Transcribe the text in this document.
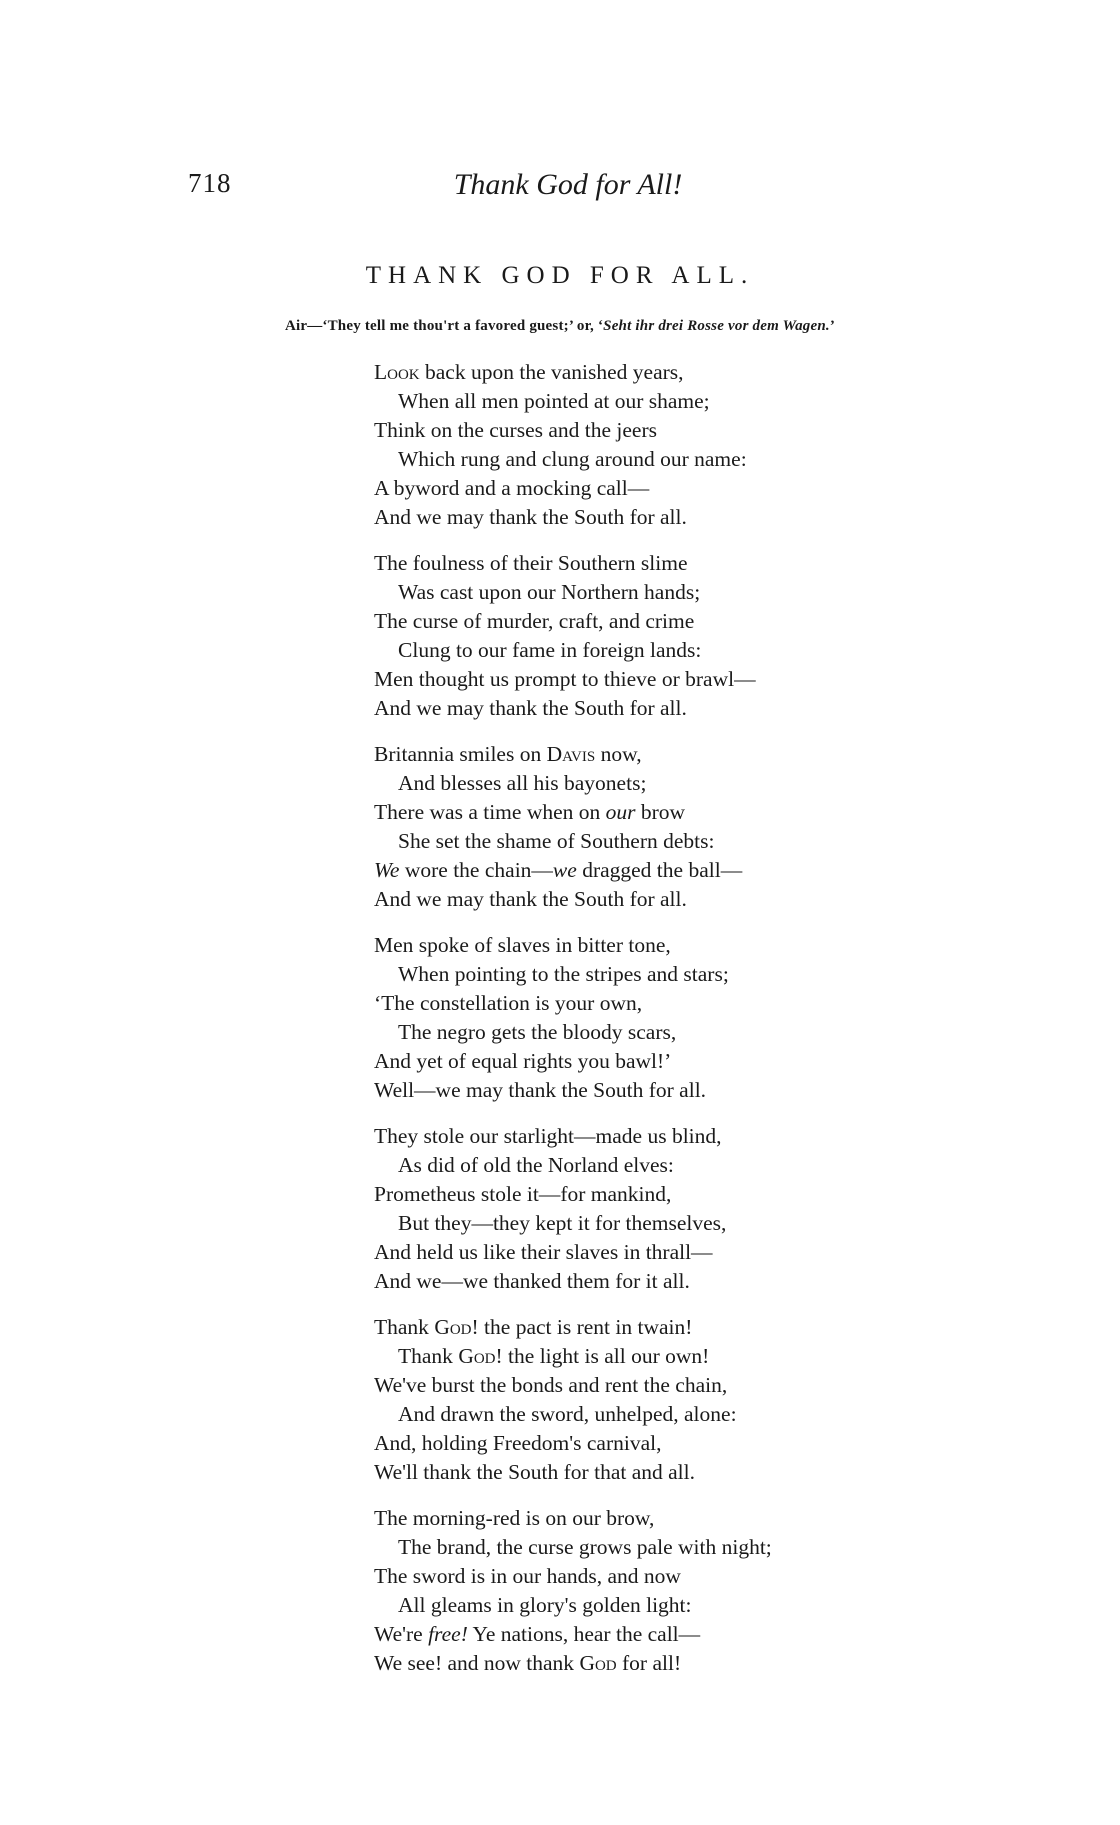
718	Thank God for All!
THANK GOD FOR ALL.
Air—‘They tell me thou'rt a favored guest;’ or, ‘Seht ihr drei Rosse vor dem Wagen.’
Look back upon the vanished years,
When all men pointed at our shame;
Think on the curses and the jeers
Which rung and clung around our name:
A byword and a mocking call—
And we may thank the South for all.
The foulness of their Southern slime
Was cast upon our Northern hands;
The curse of murder, craft, and crime
Clung to our fame in foreign lands:
Men thought us prompt to thieve or brawl—
And we may thank the South for all.
Britannia smiles on Davis now,
And blesses all his bayonets;
There was a time when on our brow
She set the shame of Southern debts:
We wore the chain—we dragged the ball—
And we may thank the South for all.
Men spoke of slaves in bitter tone,
When pointing to the stripes and stars;
‘The constellation is your own,
The negro gets the bloody scars,
And yet of equal rights you bawl!’
Well—we may thank the South for all.
They stole our starlight—made us blind,
As did of old the Norland elves:
Prometheus stole it—for mankind,
But they—they kept it for themselves,
And held us like their slaves in thrall—
And we—we thanked them for it all.
Thank God! the pact is rent in twain!
Thank God! the light is all our own!
We've burst the bonds and rent the chain,
And drawn the sword, unhelped, alone:
And, holding Freedom's carnival,
We'll thank the South for that and all.
The morning-red is on our brow,
The brand, the curse grows pale with night;
The sword is in our hands, and now
All gleams in glory's golden light:
We're free! Ye nations, hear the call—
We see! and now thank God for all!
